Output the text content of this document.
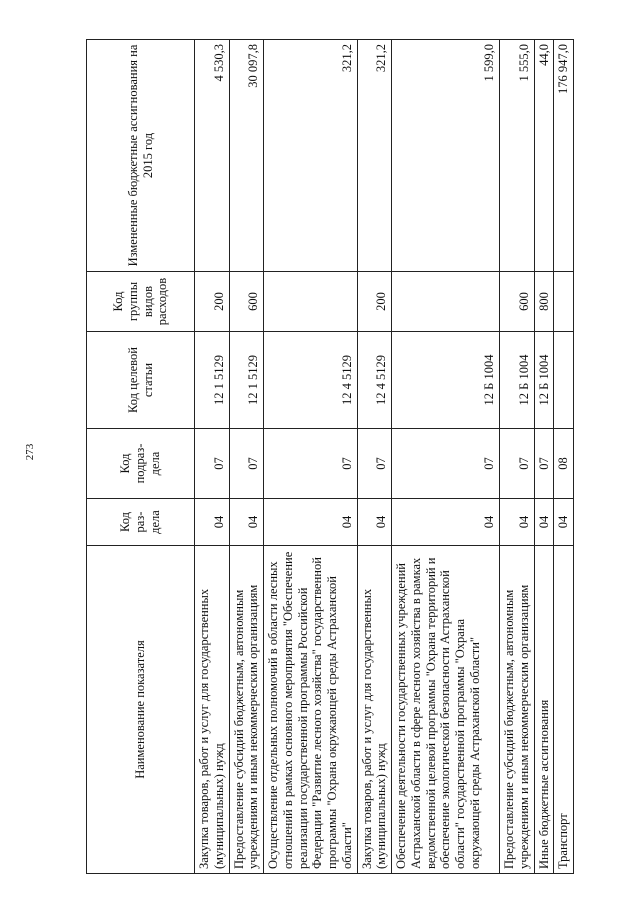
273
Наименование показателя	Код раз-дела	Код подраз-дела	Код целевой статьи	Код группы видов расходов	Измененные бюджетные ассигнования на 2015 год
Закупка товаров, работ и услуг для государственных (муниципальных) нужд	04	07	12 1 5129	200	4 530,3
Предоставление субсидий бюджетным, автономным учреждениям и иным некоммерческим организациям	04	07	12 1 5129	600	30 097,8
Осуществление отдельных полномочий в области лесных отношений в рамках основного мероприятия "Обеспечение реализации государственной программы Российской Федерации "Развитие лесного хозяйства" государственной программы "Охрана окружающей среды Астраханской области"	04	07	12 4 5129		321,2
Закупка товаров, работ и услуг для государственных (муниципальных) нужд	04	07	12 4 5129	200	321,2
Обеспечение деятельности государственных учреждений Астраханской области в сфере лесного хозяйства в рамках ведомственной целевой программы "Охрана территорий и обеспечение экологической безопасности Астраханской области" государственной программы "Охрана окружающей среды Астраханской области"	04	07	12 Б 1004		1 599,0
Предоставление субсидий бюджетным, автономным учреждениям и иным некоммерческим организациям	04	07	12 Б 1004	600	1 555,0
Иные бюджетные ассигнования	04	07	12 Б 1004	800	44,0
Транспорт	04	08			176 947,0
